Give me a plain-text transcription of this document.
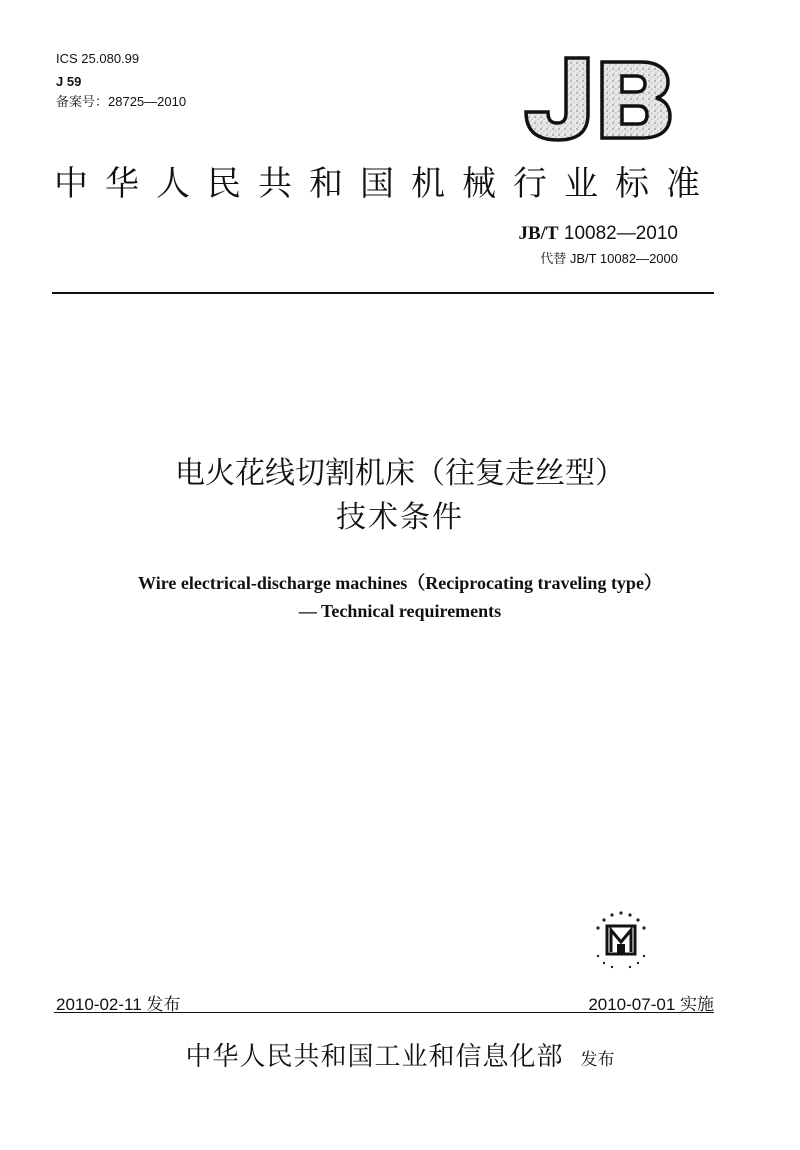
ICS 25.080.99
J 59
备案号：28725—2010
中华人民共和国机械行业标准
JB/T 10082—2010
代替 JB/T 10082—2000
电火花线切割机床（往复走丝型）
技术条件
Wire electrical-discharge machines（Reciprocating traveling type）
— Technical requirements
2010-02-11 发布	2010-07-01 实施
中华人民共和国工业和信息化部 发布
